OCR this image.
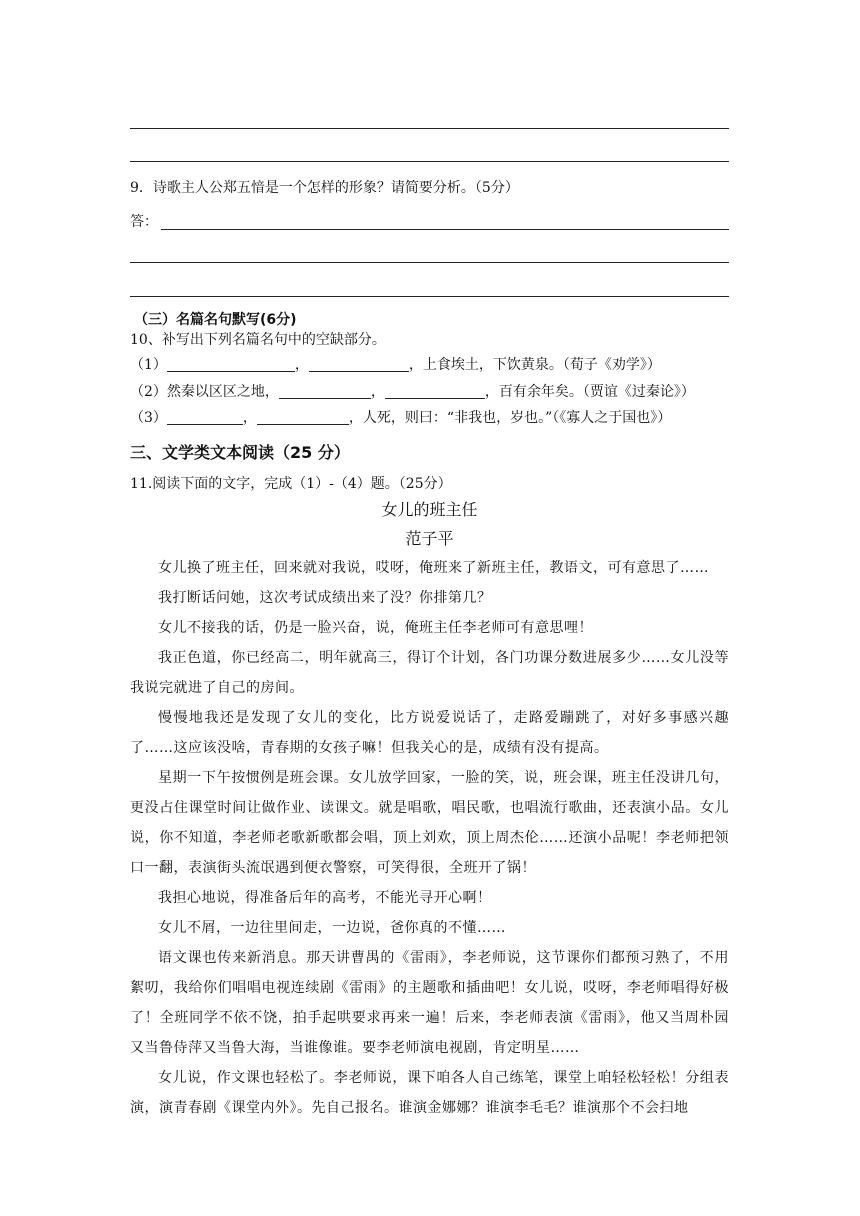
9．诗歌主人公郑五愔是一个怎样的形象？请简要分析。（5分）
答：
（三）名篇名句默写(6分)
10、补写出下列名篇名句中的空缺部分。
（1）	，	，上食埃土，下饮黄泉。（荀子《劝学》）
（2）然秦以区区之地，	，	，百有余年矣。（贾谊《过秦论》）
（3）	，	，人死，则曰：“非我也，岁也。”（《寡人之于国也》）
三、文学类文本阅读（25 分）
11.阅读下面的文字，完成（1）-（4）题。（25分）
女儿的班主任
范子平

女儿换了班主任，回来就对我说，哎呀，俺班来了新班主任，教语文，可有意思了……

我打断话问她，这次考试成绩出来了没？你排第几？

女儿不接我的话，仍是一脸兴奋，说，俺班主任李老师可有意思哩！

我正色道，你已经高二，明年就高三，得订个计划，各门功课分数进展多少……女儿没等我说完就进了自己的房间。

慢慢地我还是发现了女儿的变化，比方说爱说话了，走路爱蹦跳了，对好多事感兴趣了……这应该没啥，青春期的女孩子嘛！但我关心的是，成绩有没有提高。

星期一下午按惯例是班会课。女儿放学回家，一脸的笑，说，班会课，班主任没讲几句，更没占住课堂时间让做作业、读课文。就是唱歌，唱民歌，也唱流行歌曲，还表演小品。女儿说，你不知道，李老师老歌新歌都会唱，顶上刘欢，顶上周杰伦……还演小品呢！李老师把领口一翻，表演街头流氓遇到便衣警察，可笑得很，全班开了锅！

我担心地说，得准备后年的高考，不能光寻开心啊！

女儿不屑，一边往里间走，一边说，爸你真的不懂……

语文课也传来新消息。那天讲曹禺的《雷雨》，李老师说，这节课你们都预习熟了，不用絮叨，我给你们唱唱电视连续剧《雷雨》的主题歌和插曲吧！女儿说，哎呀，李老师唱得好极了！全班同学不依不饶，拍手起哄要求再来一遍！后来，李老师表演《雷雨》，他又当周朴园又当鲁侍萍又当鲁大海，当谁像谁。要李老师演电视剧，肯定明星……

女儿说，作文课也轻松了。李老师说，课下咱各人自己练笔，课堂上咱轻松轻松！分组表演，演青春剧《课堂内外》。先自己报名。谁演金娜娜？谁演李毛毛？谁演那个不会扫地
